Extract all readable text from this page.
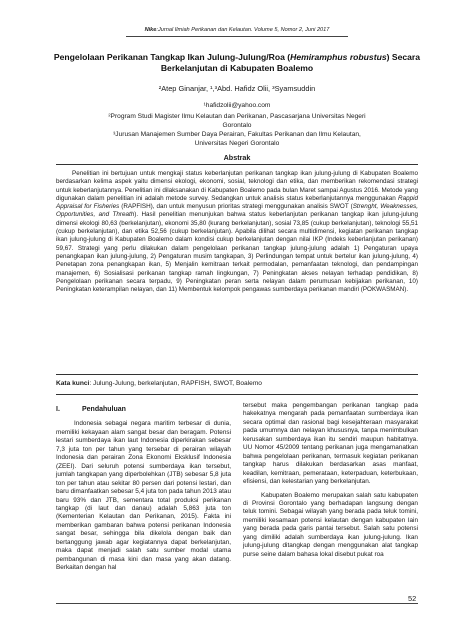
Nike:Jurnal Ilmiah Perikanan dan Kelautan. Volume 5, Nomor 2, Juni 2017
Pengelolaan Perikanan Tangkap Ikan Julung-Julung/Roa (Hemiramphus robustus) Secara Berkelanjutan di Kabupaten Boalemo
²Atep Ginanjar, ¹,³Abd. Hafidz Olii, ³Syamsuddin
¹hafidzolii@yahoo.com
²Program Studi Magister Ilmu Kelautan dan Perikanan, Pascasarjana Universitas Negeri Gorontalo
³Jurusan Manajemen Sumber Daya Perairan, Fakultas Perikanan dan Ilmu Kelautan,
Universitas Negeri Gorontalo
Abstrak
Penelitian ini bertujuan untuk mengkaji status keberlanjutan perikanan tangkap ikan julung-julung di Kabupaten Boalemo berdasarkan kelima aspek yaitu dimensi ekologi, ekonomi, sosial, teknologi dan etika, dan memberikan rekomendasi strategi untuk keberlanjutannya. Penelitian ini dilaksanakan di Kabupaten Boalemo pada bulan Maret sampai Agustus 2016. Metode yang digunakan dalam penelitian ini adalah metode survey. Sedangkan untuk analisis status keberlanjutannya menggunakan Rappid Appraisal for Fisheries (RAPFISH), dan untuk menyusun prioritas strategi menggunakan analisis SWOT (Strenght, Weaknesses, Opportunities, and Threath). Hasil penelitian menunjukan bahwa status keberlanjutan perikanan tangkap ikan julung-julung dimensi ekologi 80,63 (berkelanjutan), ekonomi 35,80 (kurang berkelanjutan), sosial 73,85 (cukup berkelanjutan), teknologi 55,51 (cukup berkelanjutan), dan etika 52,56 (cukup berkelanjutan). Apabila dilihat secara multidimensi, kegiatan perikanan tangkap ikan julung-julung di Kabupaten Boalemo dalam kondisi cukup berkelanjutan dengan nilai IKP (Indeks keberlanjutan perikanan) 59,67. Strategi yang perlu dilakukan dalam pengelolaan perikanan tangkap julung-julung adalah 1) Pengaturan upaya penangkapan ikan julung-julung, 2) Pengaturan musim tangkapan, 3) Perlindungan tempat untuk bertelur ikan julung-julung, 4) Penetapan zona penangkapan ikan, 5) Menjalin kemitraan terkait permodalan, pemanfaatan teknologi, dan pendampingan manajemen, 6) Sosialisasi perikanan tangkap ramah lingkungan, 7) Peningkatan akses nelayan terhadap pendidikan, 8) Pengelolaan perikanan secara terpadu, 9) Peningkatan peran serta nelayan dalam perumusan kebijakan perikanan, 10) Peningkatan keterampilan nelayan, dan 11) Membentuk kelompok pengawas sumberdaya perikanan mandiri (POKWASMAN).
Kata kunci: Julung-Julung, berkelanjutan, RAPFISH, SWOT, Boalemo
I.	Pendahuluan

Indonesia sebagai negara maritim terbesar di dunia, memiliki kekayaan alam sangat besar dan beragam. Potensi lestari sumberdaya ikan laut Indonesia diperkirakan sebesar 7,3 juta ton per tahun yang tersebar di perairan wilayah Indonesia dan perairan Zona Ekonomi Eksklusif Indonesia (ZEEI). Dari seluruh potensi sumberdaya ikan tersebut, jumlah tangkapan yang diperbolehkan (JTB) sebesar 5,8 juta ton per tahun atau sekitar 80 persen dari potensi lestari, dan baru dimanfaatkan sebesar 5,4 juta ton pada tahun 2013 atau baru 93% dan JTB, sementara total produksi perikanan tangkap (di laut dan danau) adalah 5,863 juta ton (Kementerian Kelautan dan Perikanan, 2015). Fakta ini memberikan gambaran bahwa potensi perikanan Indonesia sangat besar, sehingga bila dikelola dengan baik dan bertanggung jawab agar kegiatannya dapat berkelanjutan, maka dapat menjadi salah satu sumber modal utama pembangunan di masa kini dan masa yang akan datang. Berkaitan dengan hal

tersebut maka pengembangan perikanan tangkap pada hakekatnya mengarah pada pemanfaatan sumberdaya ikan secara optimal dan rasional bagi kesejahteraan masyarakat pada umumnya dan nelayan khususnya, tanpa menimbulkan kerusakan sumberdaya ikan itu sendiri maupun habitatnya. UU Nomor 45/2009 tentang perikanan juga mengamanatkan bahwa pengelolaan perikanan, termasuk kegiatan perikanan tangkap harus dilakukan berdasarkan asas manfaat, keadilan, kemitraan, pemerataan, keterpaduan, keterbukaan, efisiensi, dan kelestarian yang berkelanjutan.

Kabupaten Boalemo merupakan salah satu kabupaten di Provinsi Gorontalo yang berhadapan langsung dengan teluk tomini. Sebagai wilayah yang berada pada teluk tomini, memiliki kesamaan potensi kelautan dengan kabupaten lain yang berada pada garis pantai tersebut. Salah satu potensi yang dimiliki adalah sumberdaya ikan julung-julung. Ikan julung-julung ditangkap dengan menggunakan alat tangkap purse seine dalam bahasa lokal disebut pukat roa

52
